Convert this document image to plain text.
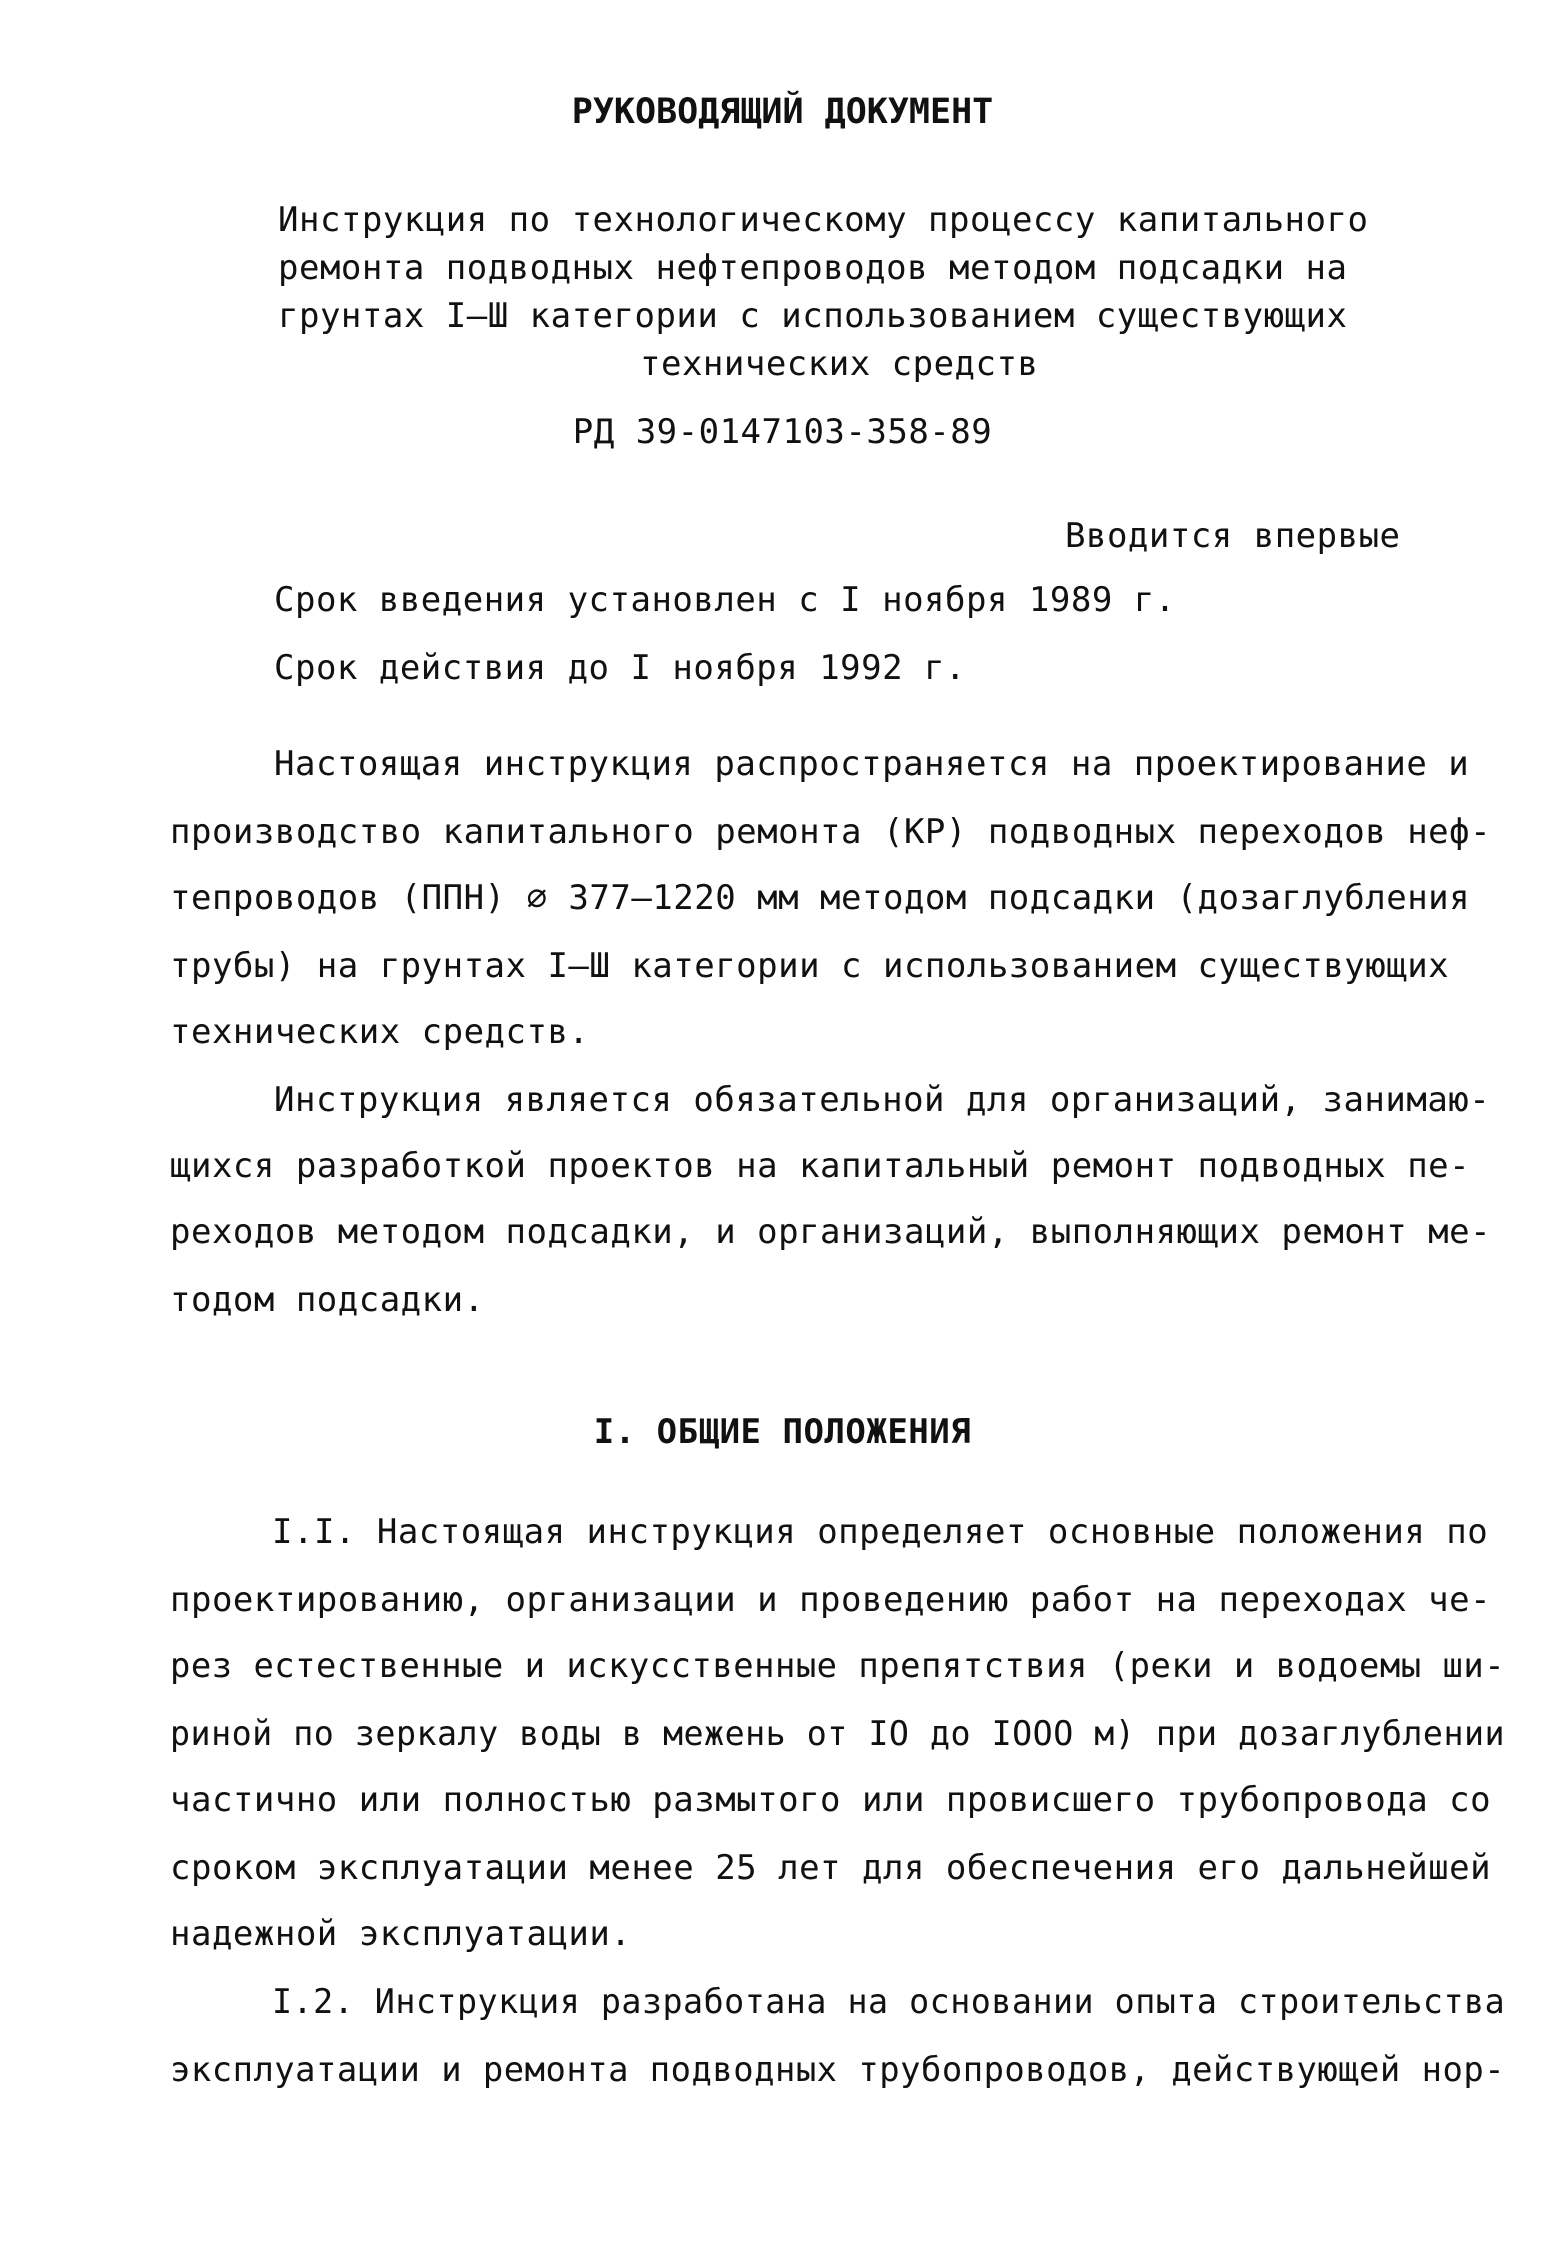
РУКОВОДЯЩИЙ ДОКУМЕНТ
Инструкция по технологическому процессу капитального
ремонта подводных нефтепроводов методом подсадки на
грунтах I–Ш категории с использованием существующих
технических средств
РД 39-0147103-358-89
Вводится впервые
Срок введения установлен с I ноября 1989 г.
Срок действия до I ноября 1992 г.
Настоящая инструкция распространяется на проектирование и
производство капитального ремонта (КР) подводных переходов неф-
тепроводов (ППН) ∅ 377–1220 мм методом подсадки (дозаглубления
трубы) на грунтах I–Ш категории с использованием существующих
технических средств.
Инструкция является обязательной для организаций, занимаю-
щихся разработкой проектов на капитальный ремонт подводных пе-
реходов методом подсадки, и организаций, выполняющих ремонт ме-
тодом подсадки.
I. ОБЩИЕ ПОЛОЖЕНИЯ
I.I. Настоящая инструкция определяет основные положения по
проектированию, организации и проведению работ на переходах че-
рез естественные и искусственные препятствия (реки и водоемы ши-
риной по зеркалу воды в межень от IO до IOOO м) при дозаглублении
частично или полностью размытого или провисшего трубопровода со
сроком эксплуатации менее 25 лет для обеспечения его дальнейшей
надежной эксплуатации.
I.2. Инструкция разработана на основании опыта строительства
эксплуатации и ремонта подводных трубопроводов, действующей нор-
